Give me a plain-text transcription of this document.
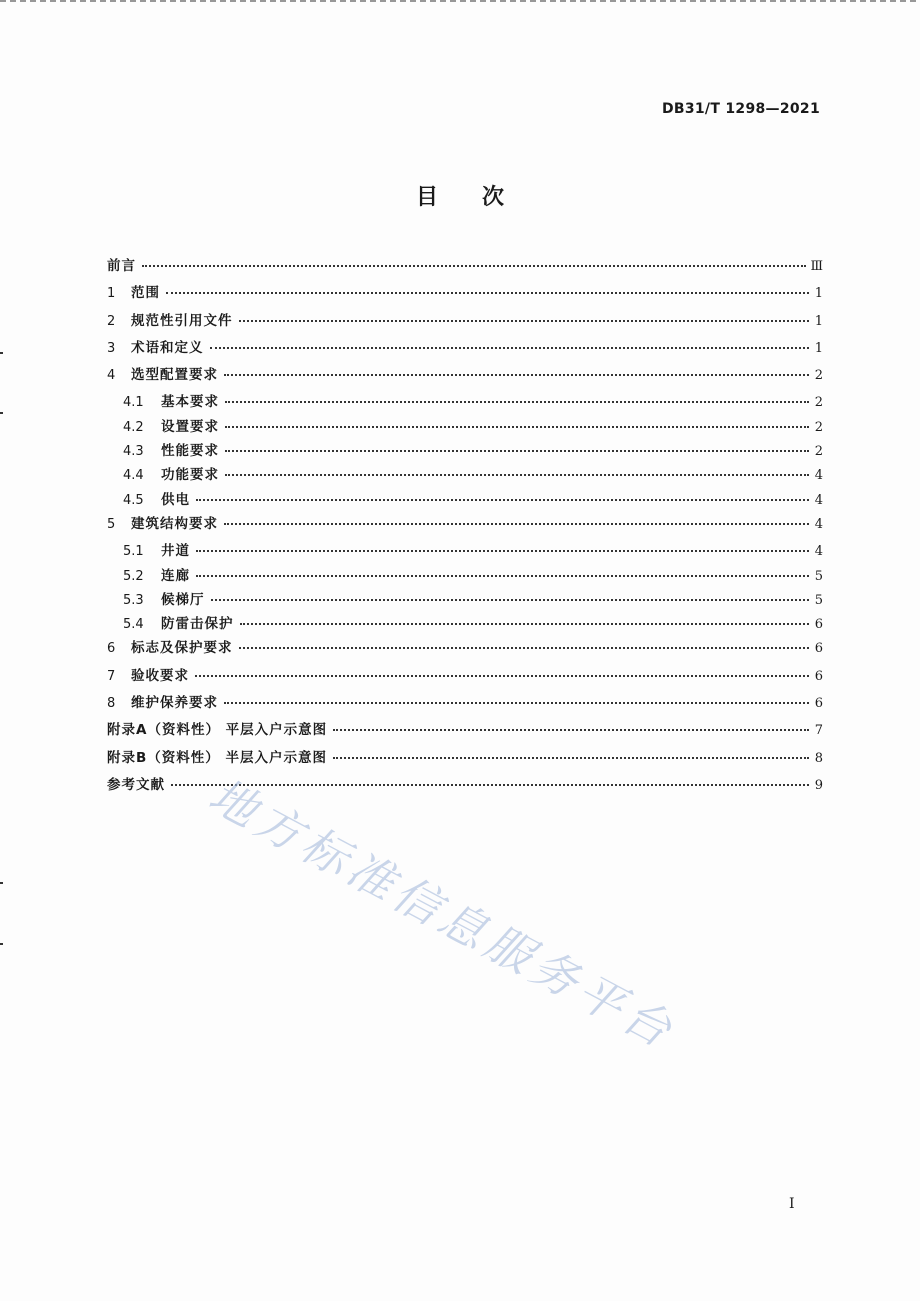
DB31/T 1298—2021
目次
前言	Ⅲ
1	范围	1
2	规范性引用文件	1
3	术语和定义	1
4	选型配置要求	2
4.1	基本要求	2
4.2	设置要求	2
4.3	性能要求	2
4.4	功能要求	4
4.5	供电	4
5	建筑结构要求	4
5.1	井道	4
5.2	连廊	5
5.3	候梯厅	5
5.4	防雷击保护	6
6	标志及保护要求	6
7	验收要求	6
8	维护保养要求	6
附录A（资料性） 平层入户示意图	7
附录B（资料性） 半层入户示意图	8
参考文献	9
地方标准信息服务平台
I
